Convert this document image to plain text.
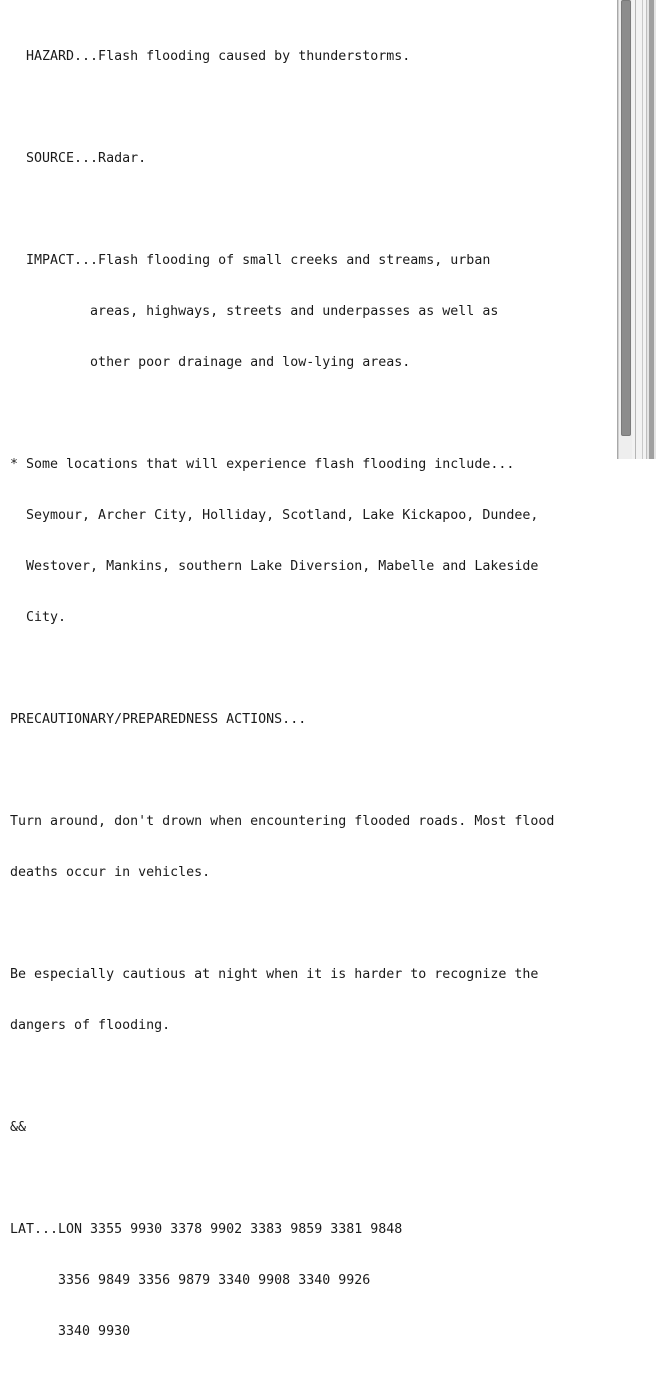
HAZARD...Flash flooding caused by thunderstorms.

SOURCE...Radar.

IMPACT...Flash flooding of small creeks and streams, urban

areas, highways, streets and underpasses as well as

other poor drainage and low-lying areas.

* Some locations that will experience flash flooding include...

Seymour, Archer City, Holliday, Scotland, Lake Kickapoo, Dundee,

Westover, Mankins, southern Lake Diversion, Mabelle and Lakeside

City.

PRECAUTIONARY/PREPAREDNESS ACTIONS...

Turn around, don't drown when encountering flooded roads. Most flood

deaths occur in vehicles.

Be especially cautious at night when it is harder to recognize the

dangers of flooding.

&&

LAT...LON 3355 9930 3378 9902 3383 9859 3381 9848

3356 9849 3356 9879 3340 9908 3340 9926

3340 9930
